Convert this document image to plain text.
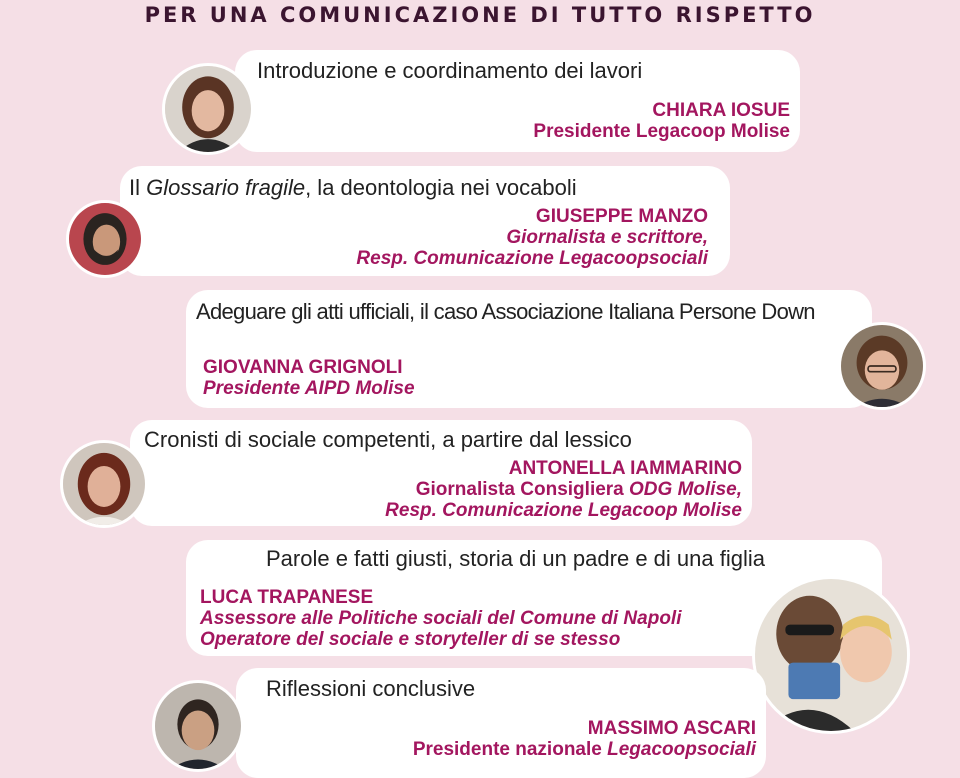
PER UNA COMUNICAZIONE DI TUTTO RISPETTO
Introduzione e coordinamento dei lavori
CHIARA IOSUE
Presidente Legacoop Molise
Il Glossario fragile, la deontologia nei vocaboli
GIUSEPPE MANZO
Giornalista e scrittore,
Resp. Comunicazione Legacoopsociali
Adeguare gli atti ufficiali, il caso Associazione Italiana Persone Down
GIOVANNA GRIGNOLI
Presidente AIPD Molise
Cronisti di sociale competenti, a partire dal lessico
ANTONELLA IAMMARINO
Giornalista Consigliera ODG Molise,
Resp. Comunicazione Legacoop Molise
Parole e fatti giusti, storia di un padre e di una figlia
LUCA TRAPANESE
Assessore alle Politiche sociali del Comune di Napoli
Operatore del sociale e storyteller di se stesso
Riflessioni conclusive
MASSIMO ASCARI
Presidente nazionale Legacoopsociali
